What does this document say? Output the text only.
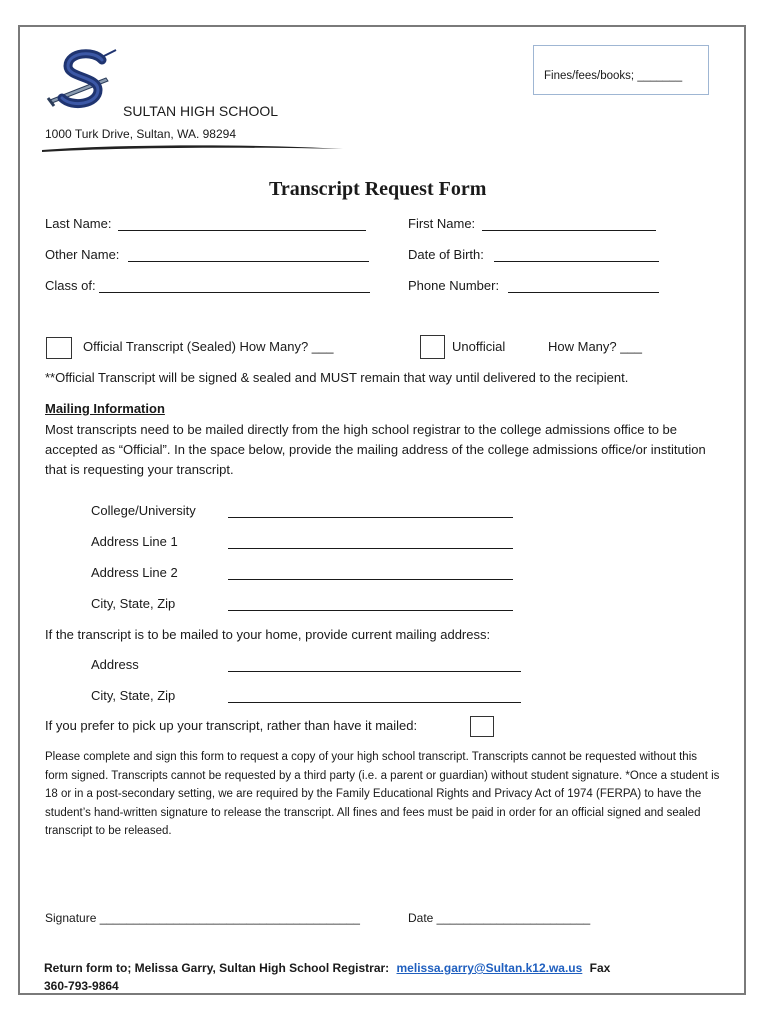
SULTAN HIGH SCHOOL
1000 Turk Drive, Sultan, WA. 98294
Fines/fees/books; _______
Transcript Request Form
Last Name:	First Name:
Other Name:	Date of Birth:
Class of:	Phone Number:
Official Transcript (Sealed) How Many? ___	Unofficial	How Many? ___
**Official Transcript will be signed & sealed and MUST remain that way until delivered to the recipient.
Mailing Information
Most transcripts need to be mailed directly from the high school registrar to the college admissions office to be accepted as “Official”. In the space below, provide the mailing address of the college admissions office/or institution that is requesting your transcript.
College/University
Address Line 1
Address Line 2
City, State, Zip
If the transcript is to be mailed to your home, provide current mailing address:
Address
City, State, Zip
If you prefer to pick up your transcript, rather than have it mailed:
Please complete and sign this form to request a copy of your high school transcript. Transcripts cannot be requested without this form signed. Transcripts cannot be requested by a third party (i.e. a parent or guardian) without student signature. *Once a student is 18 or in a post-secondary setting, we are required by the Family Educational Rights and Privacy Act of 1974 (FERPA) to have the student’s hand-written signature to release the transcript. All fines and fees must be paid in order for an official signed and sealed transcript to be released.
Signature _______________________________________	Date _______________________
Return form to; Melissa Garry, Sultan High School Registrar: melissa.garry@Sultan.k12.wa.us Fax
360-793-9864
